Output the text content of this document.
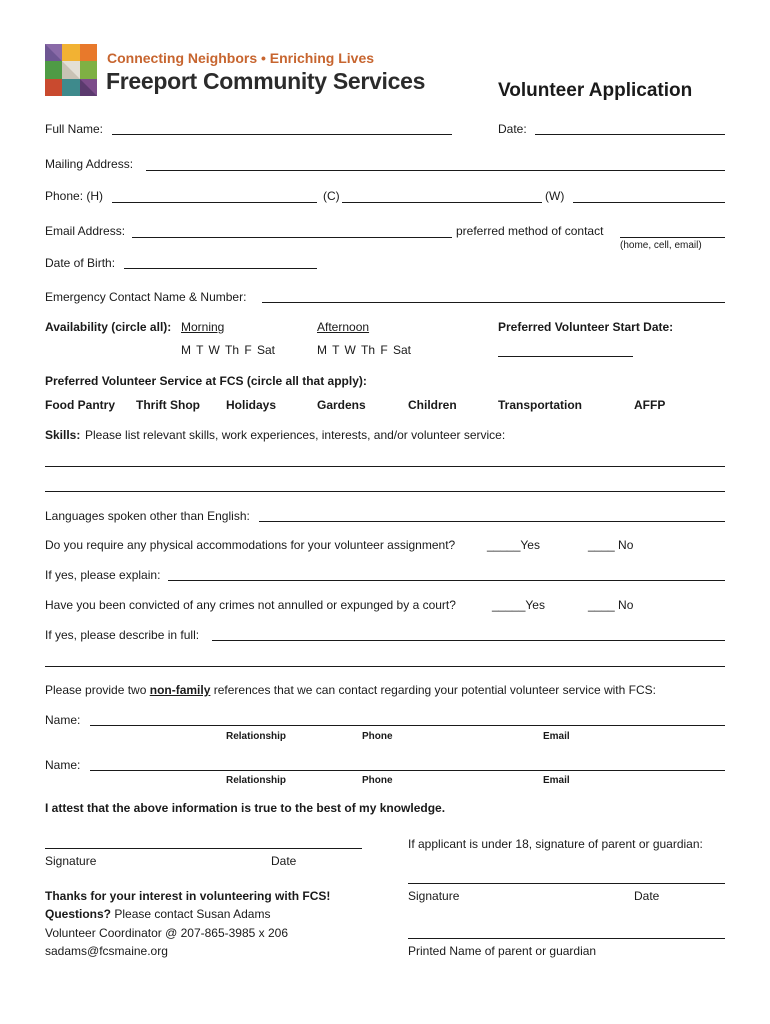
Connecting Neighbors • Enriching Lives
Freeport Community Services	Volunteer Application
Full Name:	Date:
Mailing Address:
Phone: (H)	(C)	(W)
Email Address:	preferred method of contact
(home, cell, email)
Date of Birth:
Emergency Contact Name & Number:
Availability (circle all): Morning	Afternoon	Preferred Volunteer Start Date:
M T W Th F Sat	M T W Th F Sat
Preferred Volunteer Service at FCS (circle all that apply):
Food Pantry Thrift Shop Holidays	Gardens	Children	Transportation	AFFP
Skills: Please list relevant skills, work experiences, interests, and/or volunteer service:
Languages spoken other than English:
Do you require any physical accommodations for your volunteer assignment?	_____Yes	____ No
If yes, please explain:
Have you been convicted of any crimes not annulled or expunged by a court?	_____Yes	____ No
If yes, please describe in full:
Please provide two non-family references that we can contact regarding your potential volunteer service with FCS:
Name:
Relationship	Phone	Email
Name:
Relationship	Phone	Email
I attest that the above information is true to the best of my knowledge.
Signature	Date
If applicant is under 18, signature of parent or guardian:
Signature	Date
Printed Name of parent or guardian
Thanks for your interest in volunteering with FCS!
Questions? Please contact Susan Adams
Volunteer Coordinator @ 207-865-3985 x 206
sadams@fcsmaine.org
